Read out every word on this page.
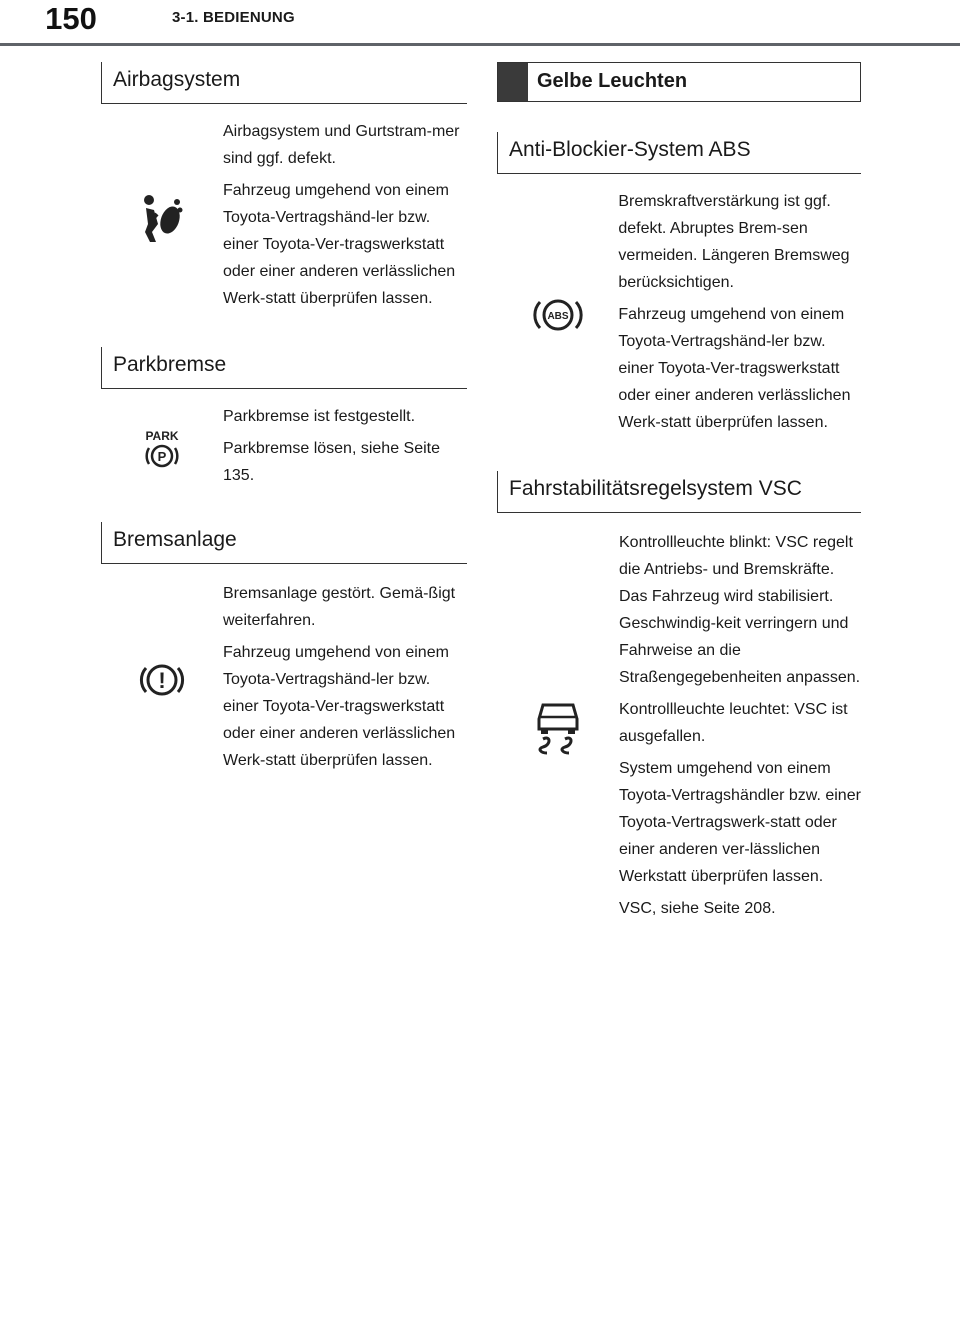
150	3-1. BEDIENUNG
Airbagsystem

Airbagsystem und Gurtstram-mer sind ggf. defekt.

Fahrzeug umgehend von einem Toyota-Vertragshänd-ler bzw. einer Toyota-Ver-tragswerkstatt oder einer anderen verlässlichen Werk-statt überprüfen lassen.

Parkbremse
PARK
P

Parkbremse ist festgestellt.

Parkbremse lösen, siehe Seite 135.

Bremsanlage
!

Bremsanlage gestört. Gemä-ßigt weiterfahren.

Fahrzeug umgehend von einem Toyota-Vertragshänd-ler bzw. einer Toyota-Ver-tragswerkstatt oder einer anderen verlässlichen Werk-statt überprüfen lassen.

Gelbe Leuchten
Anti-Blockier-System ABS
ABS

Bremskraftverstärkung ist ggf. defekt. Abruptes Brem-sen vermeiden. Längeren Bremsweg berücksichtigen.

Fahrzeug umgehend von einem Toyota-Vertragshänd-ler bzw. einer Toyota-Ver-tragswerkstatt oder einer anderen verlässlichen Werk-statt überprüfen lassen.

Fahrstabilitätsregelsystem VSC

Kontrollleuchte blinkt: VSC regelt die Antriebs- und Bremskräfte. Das Fahrzeug wird stabilisiert. Geschwindig-keit verringern und Fahrweise an die Straßengegebenheiten anpassen.

Kontrollleuchte leuchtet: VSC ist ausgefallen.

System umgehend von einem Toyota-Vertragshändler bzw. einer Toyota-Vertragswerk-statt oder einer anderen ver-lässlichen Werkstatt überprüfen lassen.

VSC, siehe Seite 208.
